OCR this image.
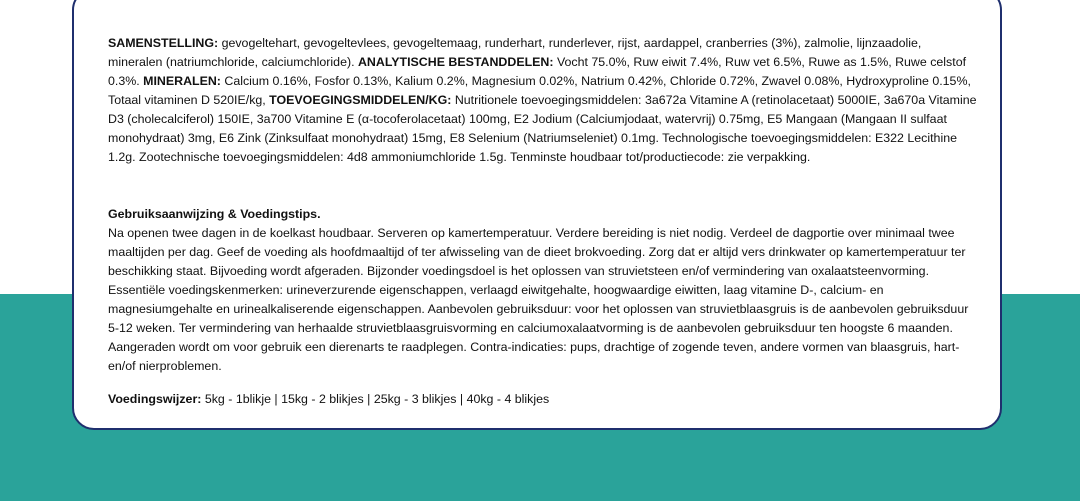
SAMENSTELLING: gevogeltehart, gevogeltevlees, gevogeltemaag, runderhart, runderlever, rijst, aardappel, cranberries (3%), zalmolie, lijnzaadolie, mineralen (natriumchloride, calciumchloride). ANALYTISCHE BESTANDDELEN: Vocht 75.0%, Ruw eiwit 7.4%, Ruw vet 6.5%, Ruwe as 1.5%, Ruwe celstof 0.3%. MINERALEN: Calcium 0.16%, Fosfor 0.13%, Kalium 0.2%, Magnesium 0.02%, Natrium 0.42%, Chloride 0.72%, Zwavel 0.08%, Hydroxyproline 0.15%, Totaal vitaminen D 520IE/kg, TOEVOEGINGSMIDDELEN/KG: Nutritionele toevoegingsmiddelen: 3a672a Vitamine A (retinolacetaat) 5000IE, 3a670a Vitamine D3 (cholecalciferol) 150IE, 3a700 Vitamine E (α-tocoferolacetaat) 100mg, E2 Jodium (Calciumjodaat, watervrij) 0.75mg, E5 Mangaan (Mangaan II sulfaat monohydraat) 3mg, E6 Zink (Zinksulfaat monohydraat) 15mg, E8 Selenium (Natriumseleniet) 0.1mg. Technologische toevoegingsmiddelen: E322 Lecithine 1.2g. Zootechnische toevoegingsmiddelen: 4d8 ammoniumchloride 1.5g. Tenminste houdbaar tot/productiecode: zie verpakking.

Gebruiksaanwijzing & Voedingstips.

Na openen twee dagen in de koelkast houdbaar. Serveren op kamertemperatuur. Verdere bereiding is niet nodig. Verdeel de dagportie over minimaal twee maaltijden per dag. Geef de voeding als hoofdmaaltijd of ter afwisseling van de dieet brokvoeding. Zorg dat er altijd vers drinkwater op kamertemperatuur ter beschikking staat. Bijvoeding wordt afgeraden. Bijzonder voedingsdoel is het oplossen van struvietsteen en/of vermindering van oxalaatsteenvorming. Essentiële voedingskenmerken: urineverzurende eigenschappen, verlaagd eiwitgehalte, hoogwaardige eiwitten, laag vitamine D-, calcium- en magnesiumgehalte en urinealkaliserende eigenschappen. Aanbevolen gebruiksduur: voor het oplossen van struvietblaasgruis is de aanbevolen gebruiksduur 5-12 weken. Ter vermindering van herhaalde struvietblaasgruisvorming en calciumoxalaatvorming is de aanbevolen gebruiksduur ten hoogste 6 maanden. Aangeraden wordt om voor gebruik een dierenarts te raadplegen. Contra-indicaties: pups, drachtige of zogende teven, andere vormen van blaasgruis, hart- en/of nierproblemen.

Voedingswijzer: 5kg - 1blikje | 15kg - 2 blikjes | 25kg - 3 blikjes | 40kg - 4 blikjes
